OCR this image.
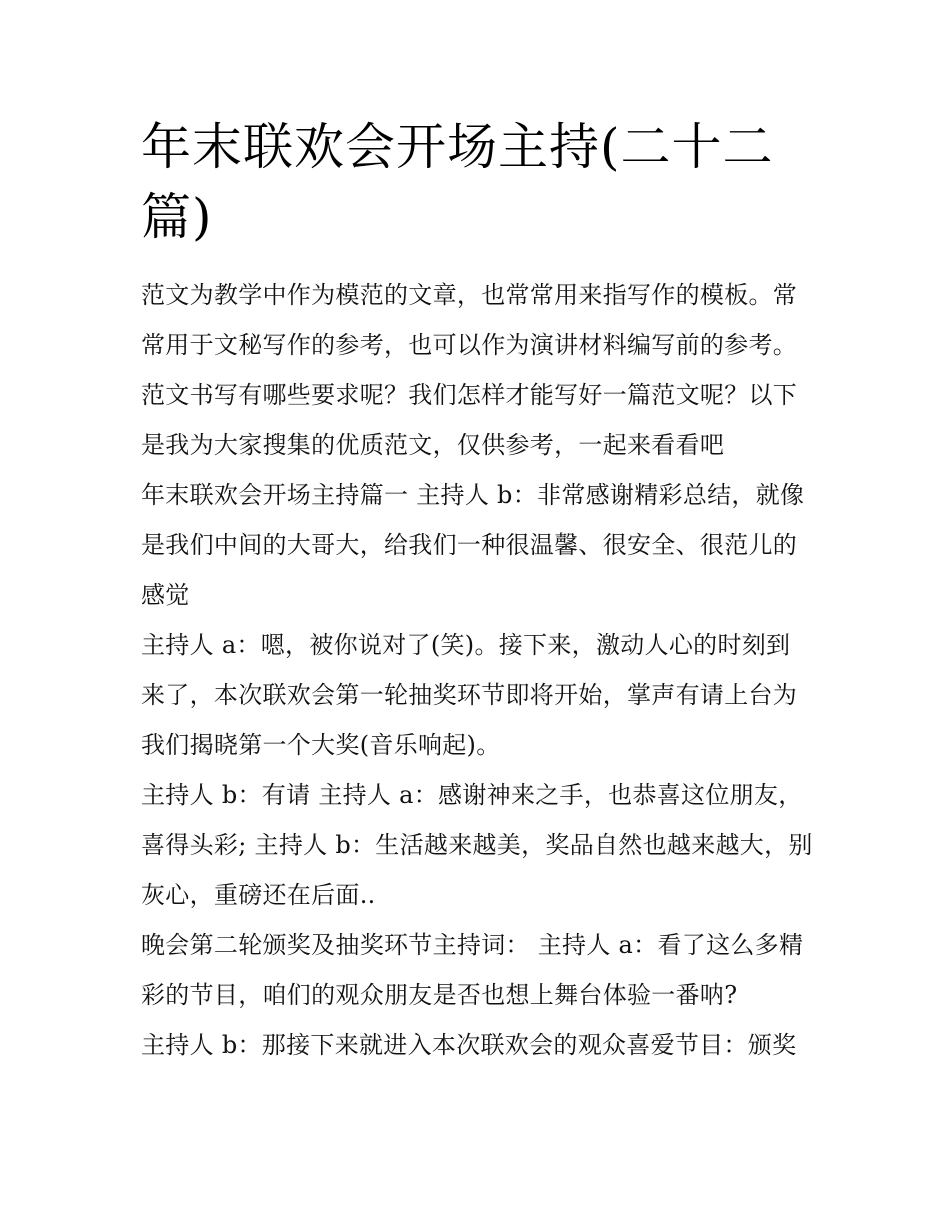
年末联欢会开场主持(二十二篇)

范文为教学中作为模范的文章，也常常用来指写作的模板。常常用于文秘写作的参考，也可以作为演讲材料编写前的参考。范文书写有哪些要求呢？我们怎样才能写好一篇范文呢？以下是我为大家搜集的优质范文，仅供参考，一起来看看吧

年末联欢会开场主持篇一 主持人 b：非常感谢精彩总结，就像是我们中间的大哥大，给我们一种很温馨、很安全、很范儿的感觉

主持人 a：嗯，被你说对了(笑)。接下来，激动人心的时刻到来了，本次联欢会第一轮抽奖环节即将开始，掌声有请上台为我们揭晓第一个大奖(音乐响起)。

主持人 b：有请 主持人 a：感谢神来之手，也恭喜这位朋友，喜得头彩; 主持人 b：生活越来越美，奖品自然也越来越大，别灰心，重磅还在后面..

晚会第二轮颁奖及抽奖环节主持词： 主持人 a：看了这么多精彩的节目，咱们的观众朋友是否也想上舞台体验一番呐?

主持人 b：那接下来就进入本次联欢会的观众喜爱节目：颁奖
